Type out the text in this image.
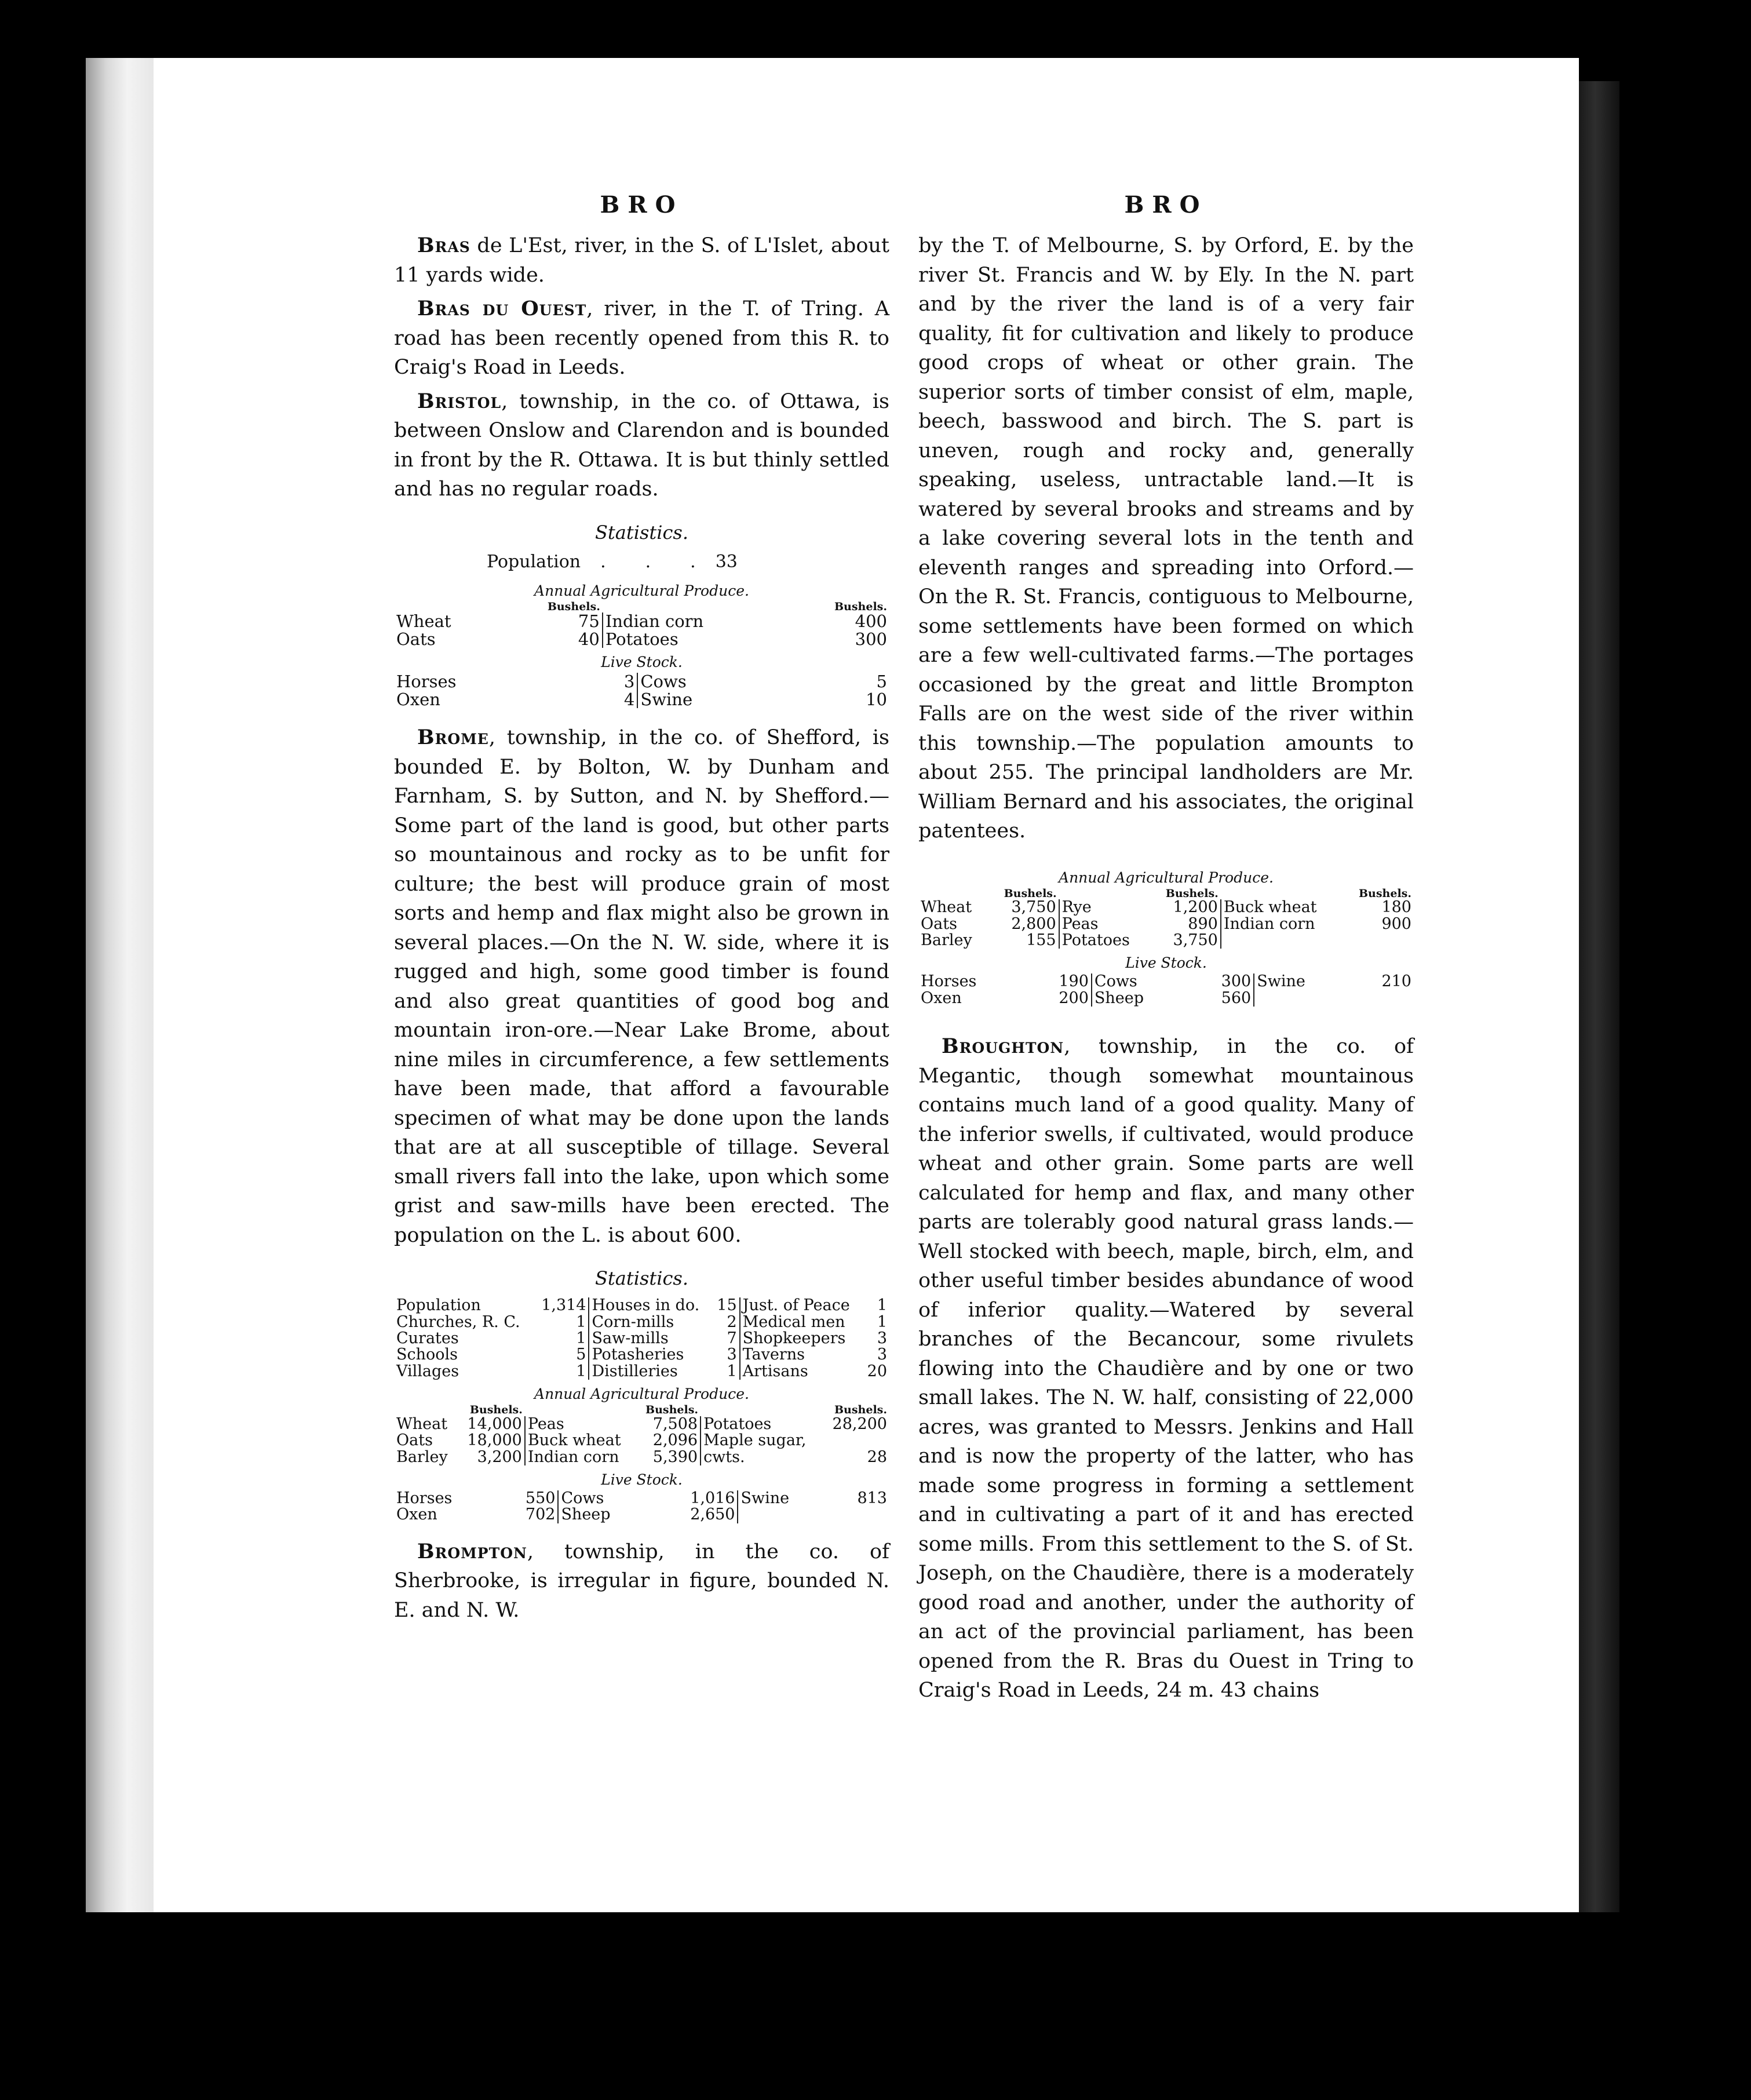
BRO

Bras de L'Est, river, in the S. of L'Islet, about 11 yards wide.

Bras du Ouest, river, in the T. of Tring. A road has been recently opened from this R. to Craig's Road in Leeds.

Bristol, township, in the co. of Ottawa, is between Onslow and Clarendon and is bounded in front by the R. Ottawa. It is but thinly settled and has no regular roads.

Statistics.
Population . . . 33
Annual Agricultural Produce.
	Bushels.		Bushels.
Wheat	75	Indian corn	400
Oats	40	Potatoes	300
Live Stock.
Horses	3	Cows	5
Oxen	4	Swine	10

Brome, township, in the co. of Shefford, is bounded E. by Bolton, W. by Dunham and Farnham, S. by Sutton, and N. by Shefford.—Some part of the land is good, but other parts so mountainous and rocky as to be unfit for culture; the best will produce grain of most sorts and hemp and flax might also be grown in several places.—On the N. W. side, where it is rugged and high, some good timber is found and also great quantities of good bog and mountain iron-ore.—Near Lake Brome, about nine miles in circumference, a few settlements have been made, that afford a favourable specimen of what may be done upon the lands that are at all susceptible of tillage. Several small rivers fall into the lake, upon which some grist and saw-mills have been erected. The population on the L. is about 600.

Statistics.
Population	1,314	Houses in do.	15	Just. of Peace	1
Churches, R. C.	1	Corn-mills	2	Medical men	1
Curates	1	Saw-mills	7	Shopkeepers	3
Schools	5	Potasheries	3	Taverns	3
Villages	1	Distilleries	1	Artisans	20
Annual Agricultural Produce.
	Bushels.		Bushels.		Bushels.
Wheat	14,000	Peas	7,508	Potatoes	28,200
Oats	18,000	Buck wheat	2,096	Maple sugar,	
Barley	3,200	Indian corn	5,390	cwts.	28
Live Stock.
Horses	550	Cows	1,016	Swine	813
Oxen	702	Sheep	2,650		

Brompton, township, in the co. of Sherbrooke, is irregular in figure, bounded N. E. and N. W.

BRO

by the T. of Melbourne, S. by Orford, E. by the river St. Francis and W. by Ely. In the N. part and by the river the land is of a very fair quality, fit for cultivation and likely to produce good crops of wheat or other grain. The superior sorts of timber consist of elm, maple, beech, basswood and birch. The S. part is uneven, rough and rocky and, generally speaking, useless, untractable land.—It is watered by several brooks and streams and by a lake covering several lots in the tenth and eleventh ranges and spreading into Orford.—On the R. St. Francis, contiguous to Melbourne, some settlements have been formed on which are a few well-cultivated farms.—The portages occasioned by the great and little Brompton Falls are on the west side of the river within this township.—The population amounts to about 255. The principal landholders are Mr. William Bernard and his associates, the original patentees.

Annual Agricultural Produce.
	Bushels.		Bushels.		Bushels.
Wheat	3,750	Rye	1,200	Buck wheat	180
Oats	2,800	Peas	890	Indian corn	900
Barley	155	Potatoes	3,750		
Live Stock.
Horses	190	Cows	300	Swine	210
Oxen	200	Sheep	560		

Broughton, township, in the co. of Megantic, though somewhat mountainous contains much land of a good quality. Many of the inferior swells, if cultivated, would produce wheat and other grain. Some parts are well calculated for hemp and flax, and many other parts are tolerably good natural grass lands.—Well stocked with beech, maple, birch, elm, and other useful timber besides abundance of wood of inferior quality.—Watered by several branches of the Becancour, some rivulets flowing into the Chaudière and by one or two small lakes. The N. W. half, consisting of 22,000 acres, was granted to Messrs. Jenkins and Hall and is now the property of the latter, who has made some progress in forming a settlement and in cultivating a part of it and has erected some mills. From this settlement to the S. of St. Joseph, on the Chaudière, there is a moderately good road and another, under the authority of an act of the provincial parliament, has been opened from the R. Bras du Ouest in Tring to Craig's Road in Leeds, 24 m. 43 chains
